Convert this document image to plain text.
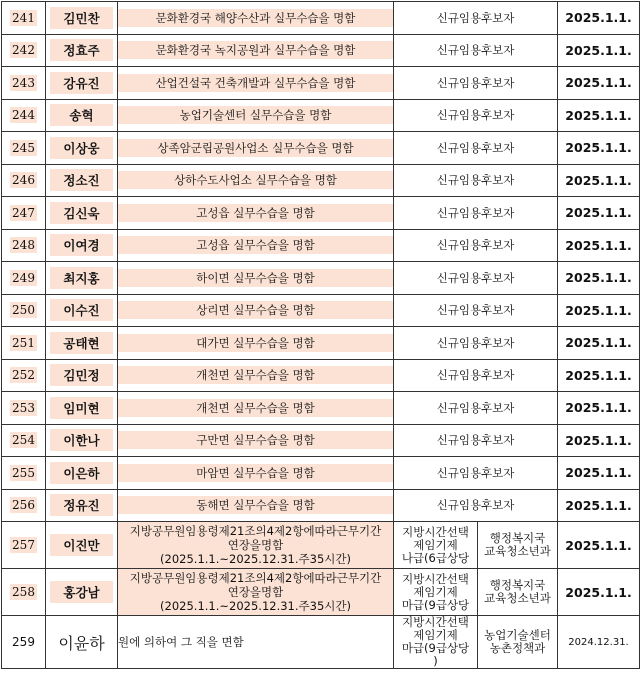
241	김민찬	문화환경국 해양수산과 실무수습을 명함	신규임용후보자		2025.1.1.
242	정효주	문화환경국 녹지공원과 실무수습을 명함	신규임용후보자		2025.1.1.
243	강유진	산업건설국 건축개발과 실무수습을 명함	신규임용후보자		2025.1.1.
244	송혁	농업기술센터 실무수습을 명함	신규임용후보자		2025.1.1.
245	이상웅	상족암군립공원사업소 실무수습을 명함	신규임용후보자		2025.1.1.
246	정소진	상하수도사업소 실무수습을 명함	신규임용후보자		2025.1.1.
247	김신욱	고성읍 실무수습을 명함	신규임용후보자		2025.1.1.
248	이여경	고성읍 실무수습을 명함	신규임용후보자		2025.1.1.
249	최지홍	하이면 실무수습을 명함	신규임용후보자		2025.1.1.
250	이수진	상리면 실무수습을 명함	신규임용후보자		2025.1.1.
251	공태현	대가면 실무수습을 명함	신규임용후보자		2025.1.1.
252	김민정	개천면 실무수습을 명함	신규임용후보자		2025.1.1.
253	임미현	개천면 실무수습을 명함	신규임용후보자		2025.1.1.
254	이한나	구만면 실무수습을 명함	신규임용후보자		2025.1.1.
255	이은하	마암면 실무수습을 명함	신규임용후보자		2025.1.1.
256	정유진	동해면 실무수습을 명함	신규임용후보자		2025.1.1.
257	이진만	지방공무원임용령제21조의4제2항에따라근무기간
연장을명함
(2025.1.1.~2025.12.31.주35시간)	지방시간선택
제임기제
나급(6급상당	행정복지국
교육청소년과	2025.1.1.
258	홍강남	지방공무원임용령제21조의4제2항에따라근무기간
연장을명함
(2025.1.1.~2025.12.31.주35시간)	지방시간선택
제임기제
마급(9급상당	행정복지국
교육청소년과	2025.1.1.
259	이윤하	원에 의하여 그 직을 면함	지방시간선택
제임기제
마급(9급상당
)	농업기술센터
농촌정책과	2024.12.31.
